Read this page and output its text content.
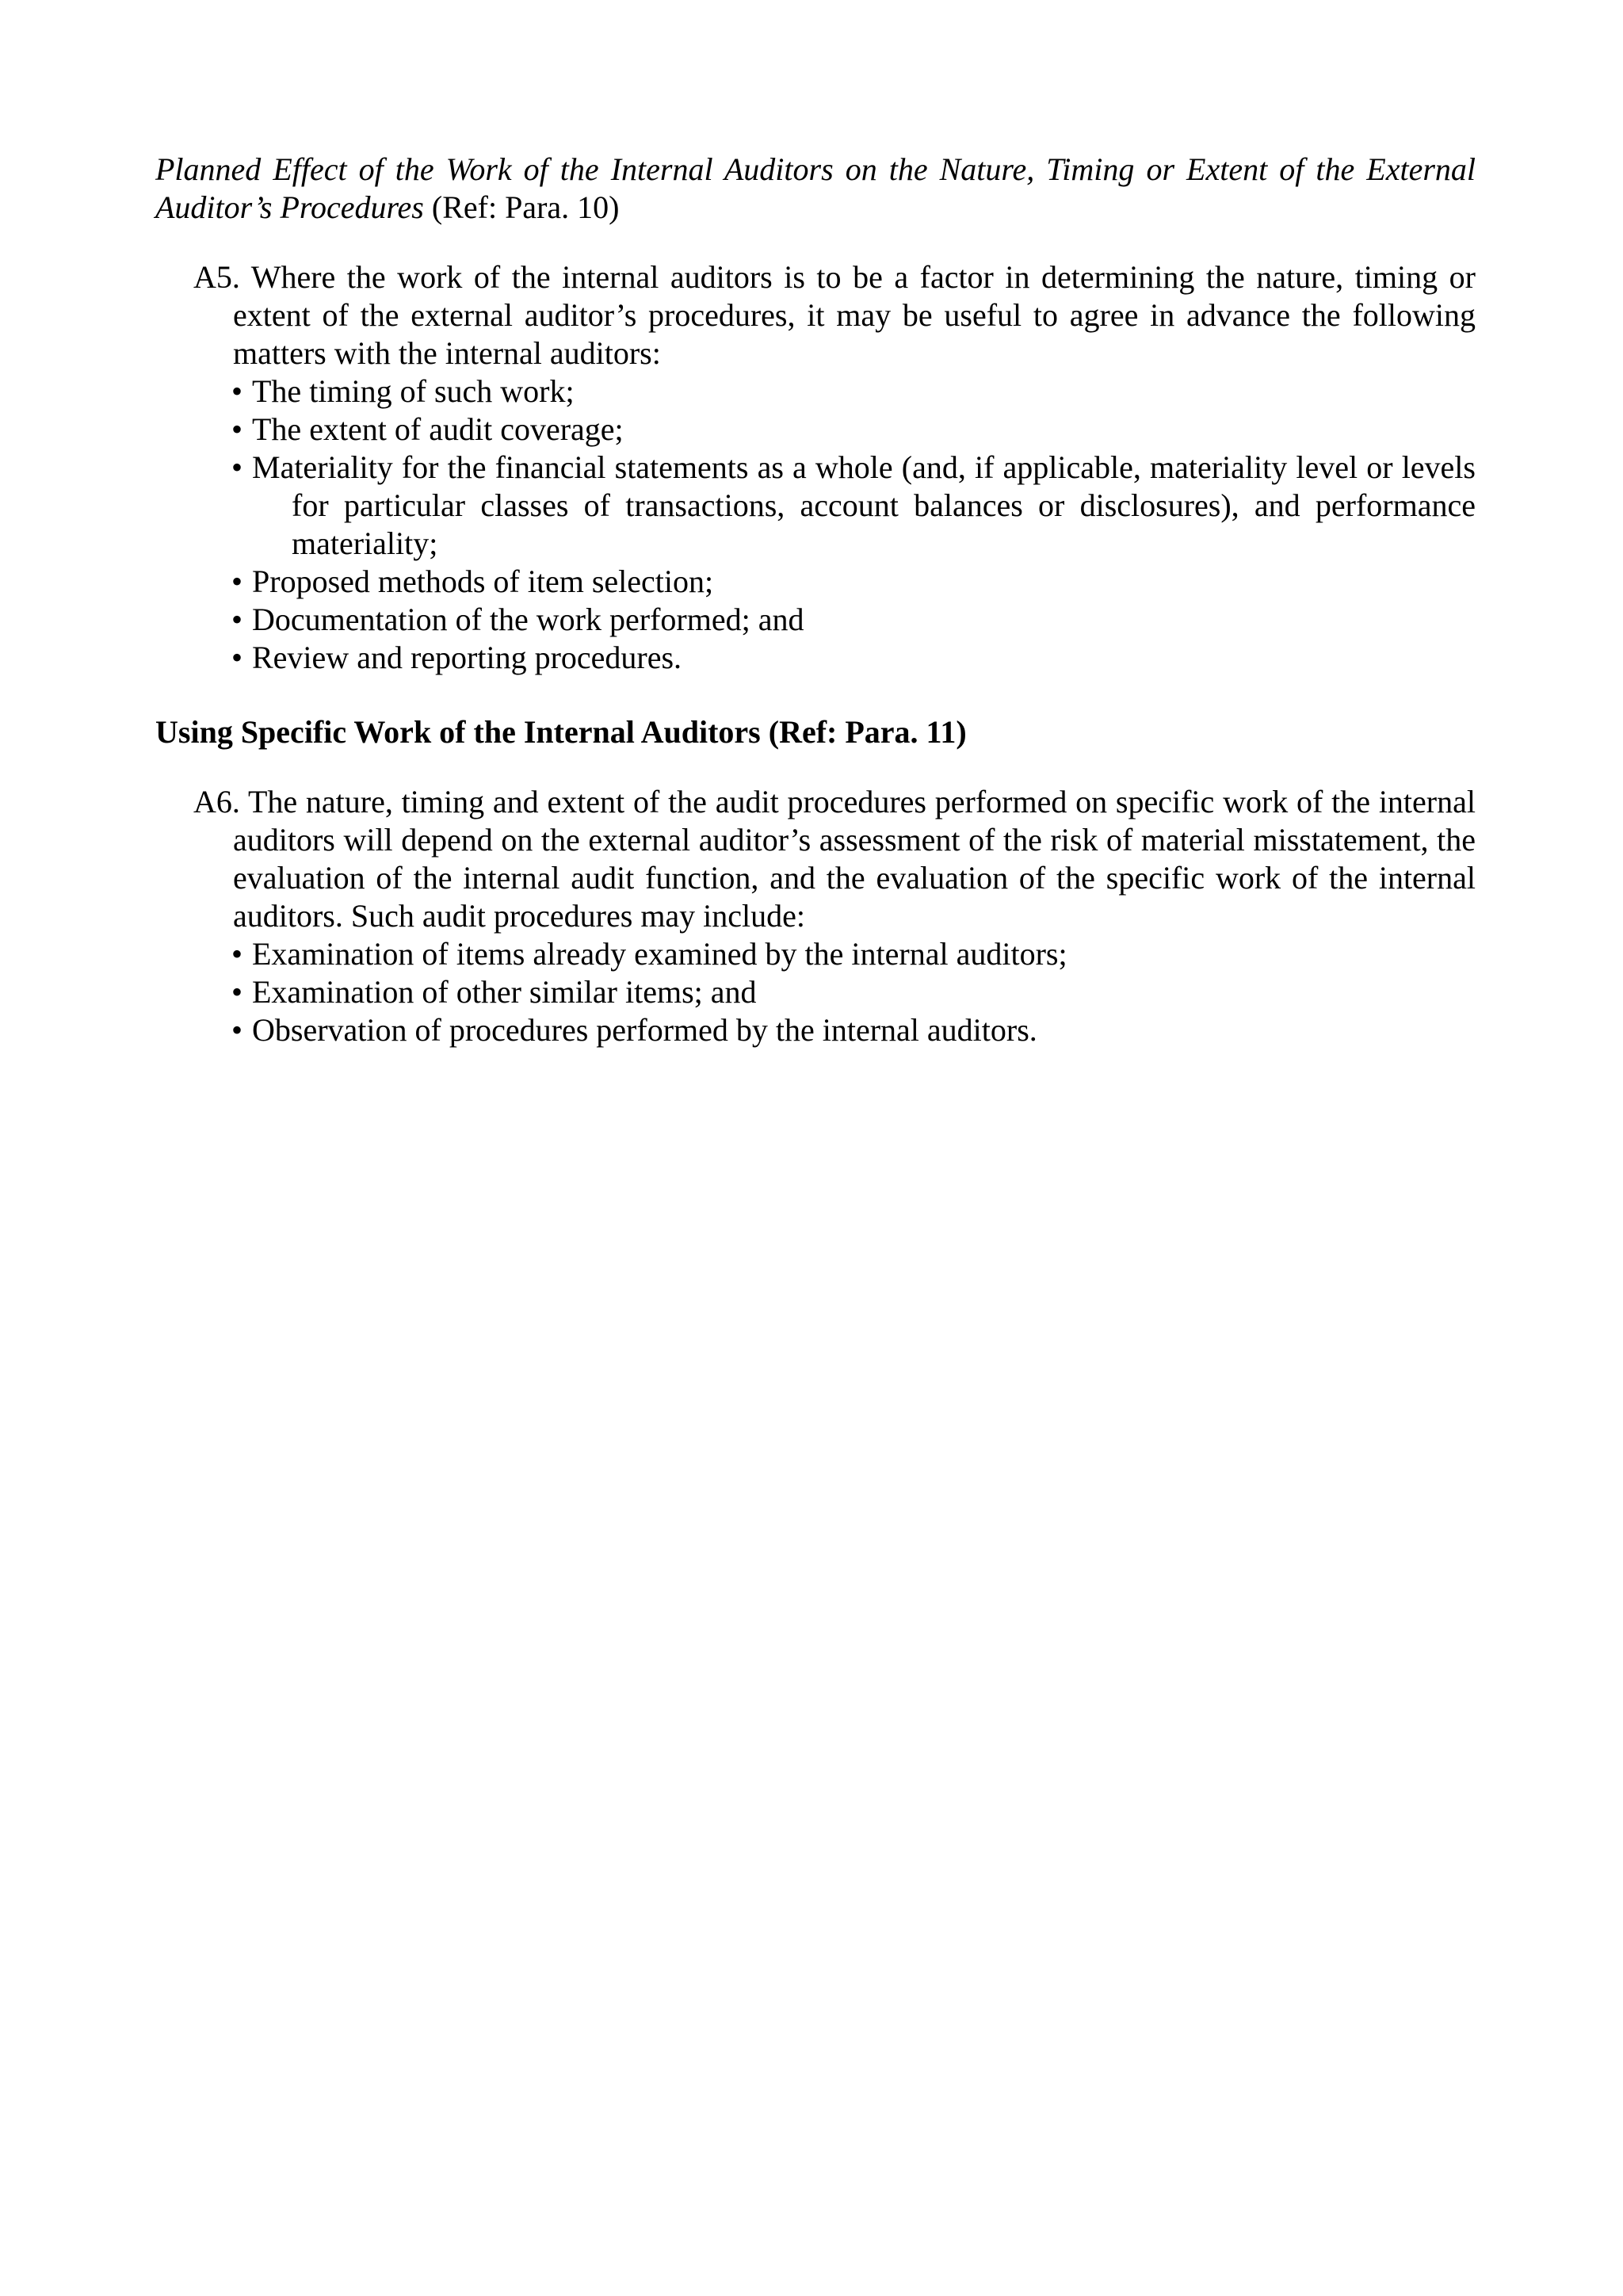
Planned Effect of the Work of the Internal Auditors on the Nature, Timing or Extent of the External Auditor’s Procedures (Ref: Para. 10)

A5. Where the work of the internal auditors is to be a factor in determining the nature, timing or extent of the external auditor’s procedures, it may be useful to agree in advance the following matters with the internal auditors:
• The timing of such work;
• The extent of audit coverage;
• Materiality for the financial statements as a whole (and, if applicable, materiality level or levels for particular classes of transactions, account balances or disclosures), and performance materiality;
• Proposed methods of item selection;
• Documentation of the work performed; and
• Review and reporting procedures.

Using Specific Work of the Internal Auditors (Ref: Para. 11)

A6. The nature, timing and extent of the audit procedures performed on specific work of the internal auditors will depend on the external auditor’s assessment of the risk of material misstatement, the evaluation of the internal audit function, and the evaluation of the specific work of the internal auditors. Such audit procedures may include:
• Examination of items already examined by the internal auditors;
• Examination of other similar items; and
• Observation of procedures performed by the internal auditors.
